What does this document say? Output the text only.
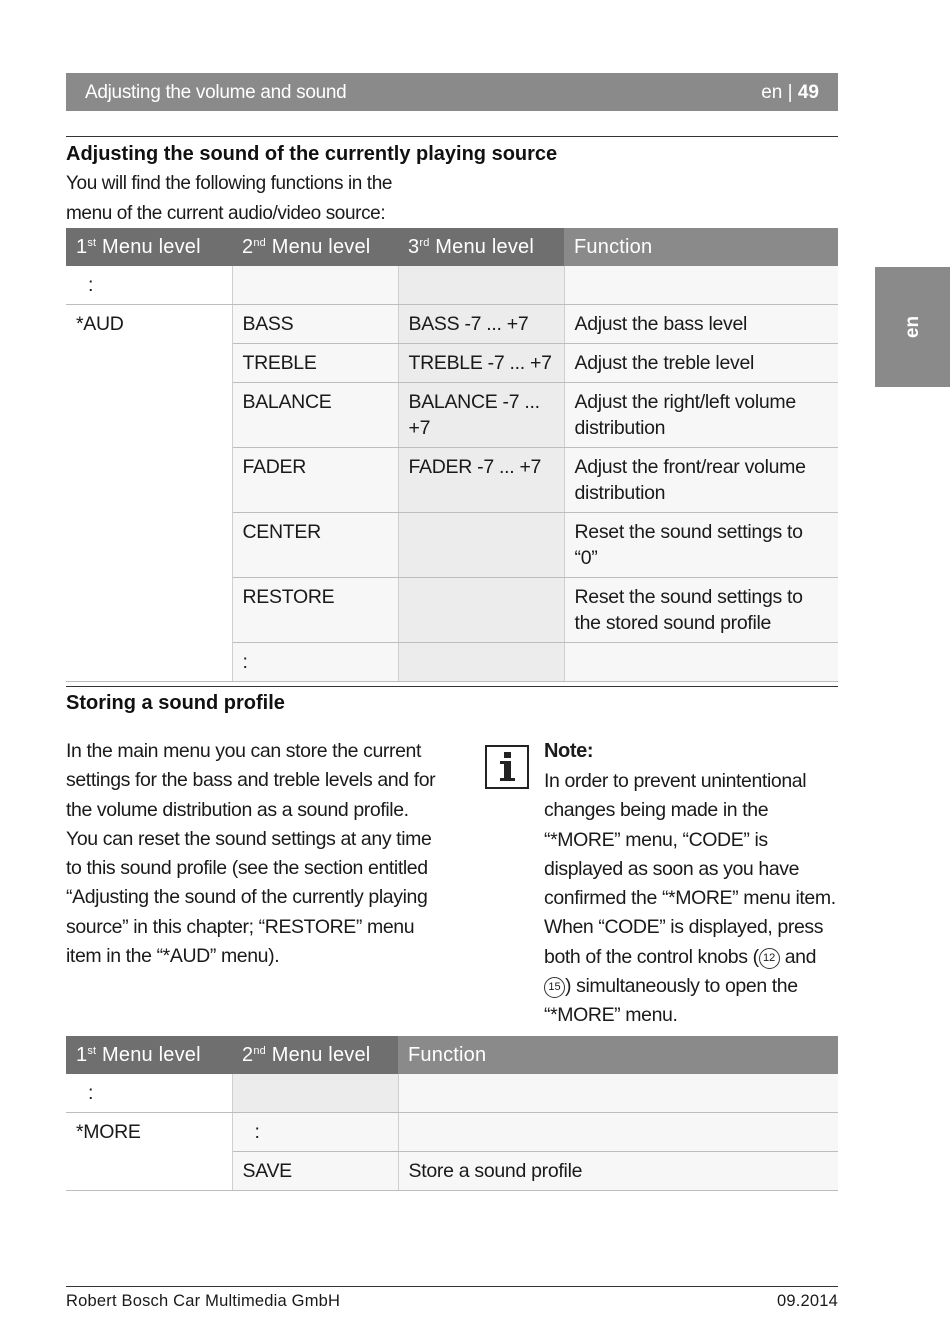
Adjusting the volume and sound	en | 49
en
Adjusting the sound of the currently playing source
You will find the following functions in the
menu of the current audio/video source:
1st Menu level	2nd Menu level	3rd Menu level	Function
:			
*AUD	BASS	BASS -7 ... +7	Adjust the bass level
	TREBLE	TREBLE -7 ... +7	Adjust the treble level
	BALANCE	BALANCE -7 ... +7	Adjust the right/left volume distribution
	FADER	FADER -7 ... +7	Adjust the front/rear volume distribution
	CENTER		Reset the sound settings to “0”
	RESTORE		Reset the sound settings to the stored sound profile
	:		
Storing a sound profile
In the main menu you can store the current settings for the bass and treble levels and for the volume distribution as a sound profile. You can reset the sound settings at any time to this sound profile (see the section entitled “Adjusting the sound of the currently playing source” in this chapter; “RESTORE” menu item in the “*AUD” menu).
Note:
In order to prevent unintentional changes being made in the “*MORE” menu, “CODE” is displayed as soon as you have confirmed the “*MORE” menu item. When “CODE” is displayed, press both of the control knobs ( 12 and 15 ) simultaneously to open the “*MORE” menu.
1st Menu level	2nd Menu level	Function
:		
*MORE	:	
	SAVE	Store a sound profile
Robert Bosch Car Multimedia GmbH	09.2014
